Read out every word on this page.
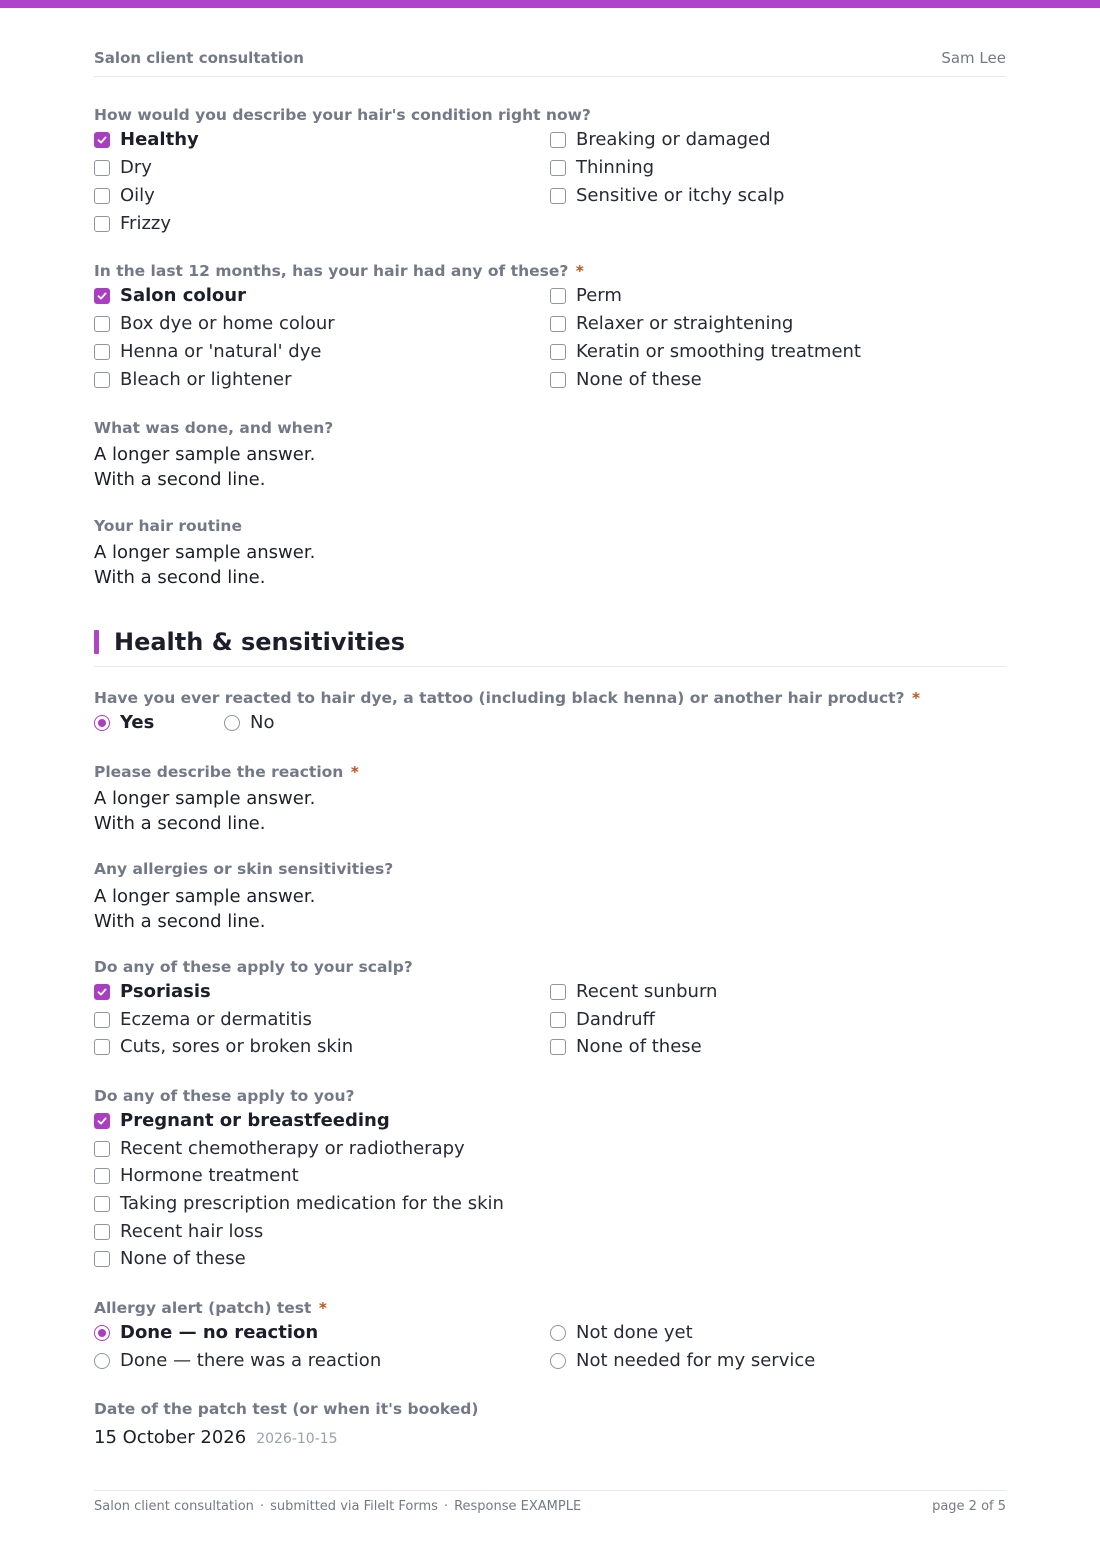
Salon client consultation	Sam Lee
How would you describe your hair's condition right now?
Healthy
Dry
Oily
Frizzy
Breaking or damaged
Thinning
Sensitive or itchy scalp
In the last 12 months, has your hair had any of these? *
Salon colour
Box dye or home colour
Henna or 'natural' dye
Bleach or lightener
Perm
Relaxer or straightening
Keratin or smoothing treatment
None of these
What was done, and when?
A longer sample answer.
With a second line.
Your hair routine
A longer sample answer.
With a second line.
Health & sensitivities
Have you ever reacted to hair dye, a tattoo (including black henna) or another hair product? *
Yes	No
Please describe the reaction *
A longer sample answer.
With a second line.
Any allergies or skin sensitivities?
A longer sample answer.
With a second line.
Do any of these apply to your scalp?
Psoriasis
Eczema or dermatitis
Cuts, sores or broken skin
Recent sunburn
Dandruff
None of these
Do any of these apply to you?
Pregnant or breastfeeding
Recent chemotherapy or radiotherapy
Hormone treatment
Taking prescription medication for the skin
Recent hair loss
None of these
Allergy alert (patch) test *
Done — no reaction
Done — there was a reaction
Not done yet
Not needed for my service
Date of the patch test (or when it's booked)
15 October 2026 2026-10-15
Salon client consultation · submitted via FileIt Forms · Response EXAMPLE	page 2 of 5
